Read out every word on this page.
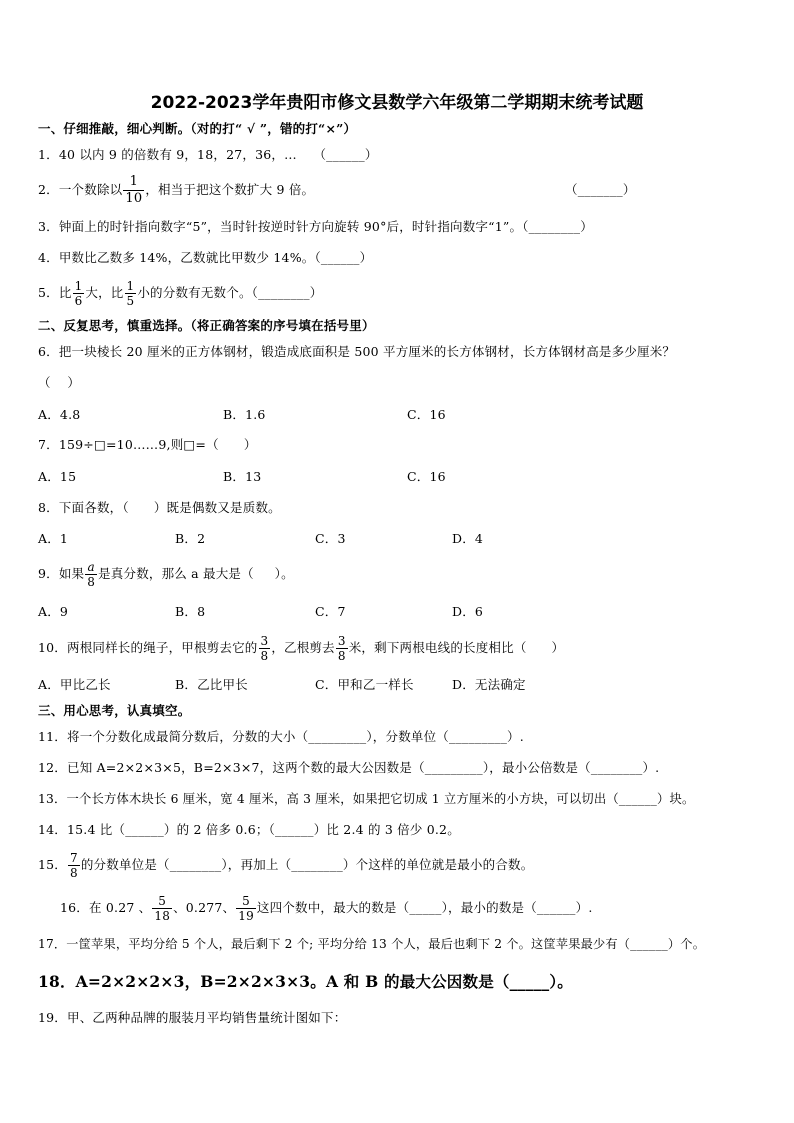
2022-2023学年贵阳市修文县数学六年级第二学期期末统考试题
一、仔细推敲，细心判断。（对的打“ √ ”，错的打“×”）
1．40 以内 9 的倍数有 9，18，27，36，…    （______）
2．一个数除以 $\frac{1}{10}$ ，相当于把这个数扩大 9 倍。	（_______）
3．钟面上的时针指向数字“5”，当时针按逆时针方向旋转 90°后，时针指向数字“1”。（________）
4．甲数比乙数多 14%，乙数就比甲数少 14%。（______）
5．比 $\frac{1}{6}$ 大，比 $\frac{1}{5}$ 小的分数有无数个。（________）
二、反复思考，慎重选择。（将正确答案的序号填在括号里）
6．把一块棱长 20 厘米的正方体钢材，锻造成底面积是 500 平方厘米的长方体钢材，长方体钢材高是多少厘米？
（    ）
A．4.8	B．1.6	C．16
7．159÷□=10……9,则□=（      ）
A．15	B．13	C．16
8．下面各数，（      ）既是偶数又是质数。
A．1	B．2	C．3	D．4
9．如果 $\frac{a}{8}$ 是真分数，那么 a 最大是（     ）。
A．9	B．8	C．7	D．6
10．两根同样长的绳子，甲根剪去它的 $\frac{3}{8}$ ，乙根剪去 $\frac{3}{8}$ 米，剩下两根电线的长度相比（      ）
A．甲比乙长	B．乙比甲长	C．甲和乙一样长	D．无法确定
三、用心思考，认真填空。
11．将一个分数化成最简分数后，分数的大小（_________），分数单位（_________）.
12．已知 A=2×2×3×5，B=2×3×7，这两个数的最大公因数是（_________），最小公倍数是（________）.
13．一个长方体木块长 6 厘米，宽 4 厘米，高 3 厘米，如果把它切成 1 立方厘米的小方块，可以切出（______）块。
14．15.4 比（______）的 2 倍多 0.6；（______）比 2.4 的 3 倍少 0.2。
15． $\frac{7}{8}$ 的分数单位是（________），再加上（________）个这样的单位就是最小的合数。
16．在 0.27 、 $\frac{5}{18}$ 、0.277、 $\frac{5}{19}$ 这四个数中，最大的数是（_____），最小的数是（______）.
17．一筐苹果，平均分给 5 个人，最后剩下 2 个; 平均分给 13 个人，最后也剩下 2 个。这筐苹果最少有（______）个。
18．A=2×2×2×3，B=2×2×3×3。A 和 B 的最大公因数是（_____）。
19．甲、乙两种品牌的服装月平均销售量统计图如下：
